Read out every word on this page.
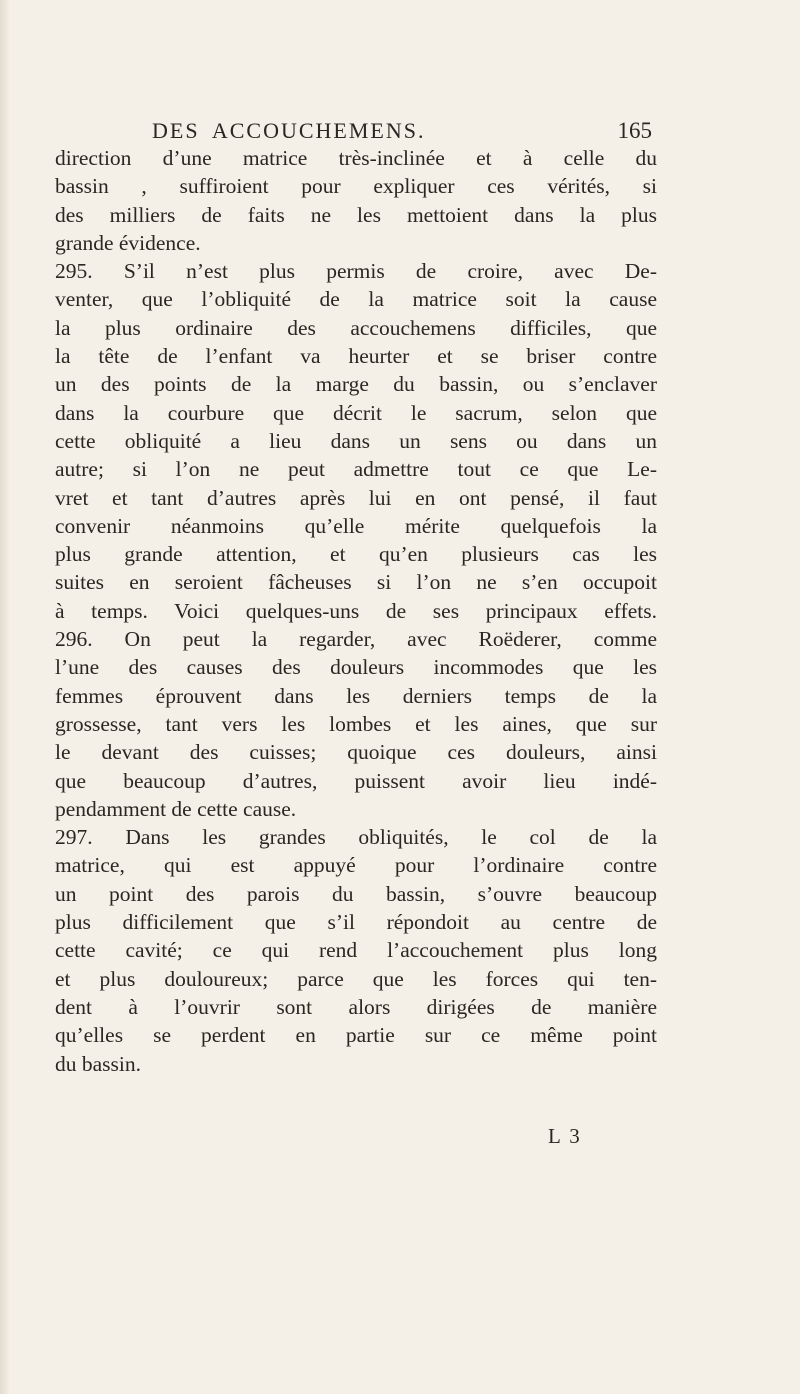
DES ACCOUCHEMENS.	165
direction d’une matrice très-inclinée et à celle du
bassin , suffiroient pour expliquer ces vérités, si
des milliers de faits ne les mettoient dans la plus
grande évidence.
295. S’il n’est plus permis de croire, avec De-
venter, que l’obliquité de la matrice soit la cause
la plus ordinaire des accouchemens difficiles, que
la tête de l’enfant va heurter et se briser contre
un des points de la marge du bassin, ou s’enclaver
dans la courbure que décrit le sacrum, selon que
cette obliquité a lieu dans un sens ou dans un
autre; si l’on ne peut admettre tout ce que Le-
vret et tant d’autres après lui en ont pensé, il faut
convenir néanmoins qu’elle mérite quelquefois la
plus grande attention, et qu’en plusieurs cas les
suites en seroient fâcheuses si l’on ne s’en occupoit
à temps. Voici quelques-uns de ses principaux effets.
296. On peut la regarder, avec Roëderer, comme
l’une des causes des douleurs incommodes que les
femmes éprouvent dans les derniers temps de la
grossesse, tant vers les lombes et les aines, que sur
le devant des cuisses; quoique ces douleurs, ainsi
que beaucoup d’autres, puissent avoir lieu indé-
pendamment de cette cause.
297. Dans les grandes obliquités, le col de la
matrice, qui est appuyé pour l’ordinaire contre
un point des parois du bassin, s’ouvre beaucoup
plus difficilement que s’il répondoit au centre de
cette cavité; ce qui rend l’accouchement plus long
et plus douloureux; parce que les forces qui ten-
dent à l’ouvrir sont alors dirigées de manière
qu’elles se perdent en partie sur ce même point
du bassin.
L 3
